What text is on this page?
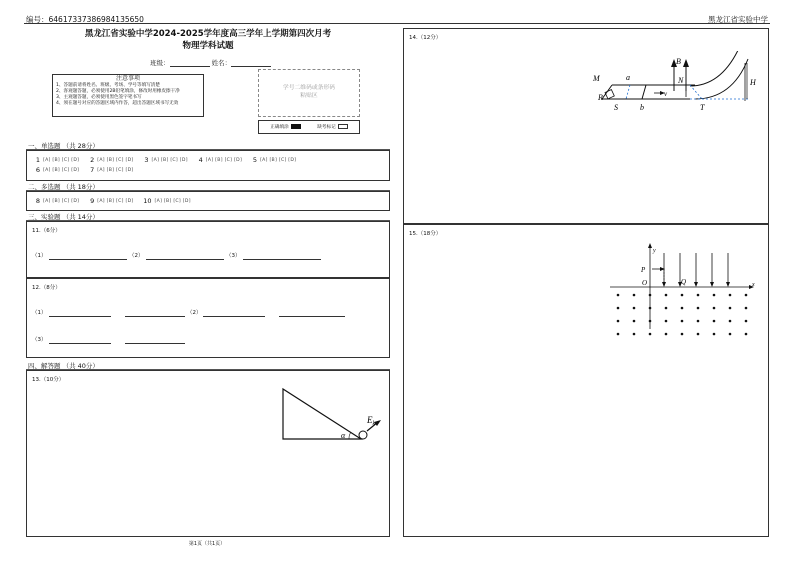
编号：64617337386984135650	黑龙江省实验中学
黑龙江省实验中学2024-2025学年度高三学年上学期第四次月考
物理学科试题
班级：	姓名：
注意事项
1、答题前请将姓名、班级、考场、学号等填写清楚
2、客观题答题，必须使用2B铅笔填涂，修改时用橡皮擦干净
3、主观题答题，必须使用黑色签字笔书写
4、须在题号对应的答题区域内作答，超出答题区域书写无效
学号二维码或条形码
粘贴区
正确填涂	缺考标记
一、单选题 （共 28分）
1 [A] [B] [C] [D]	2 [A] [B] [C] [D]	3 [A] [B] [C] [D]	4 [A] [B] [C] [D]	5 [A] [B] [C] [D]
6 [A] [B] [C] [D]	7 [A] [B] [C] [D]
二、多选题 （共 18分）
8 [A] [B] [C] [D]	9 [A] [B] [C] [D]	10 [A] [B] [C] [D]
三、实验题 （共 14分）
11.（6分）
（1）	（2）	（3）
12.（8分）
（1）	（2）
（3）
四、解答题 （共 40分）
13.（10分）
$E_k$
α
第1页（共1页）
14.（12分）
M	a
B
N	H
R	v
S	b	T
15.（18分）
y
P
O	Q	x
